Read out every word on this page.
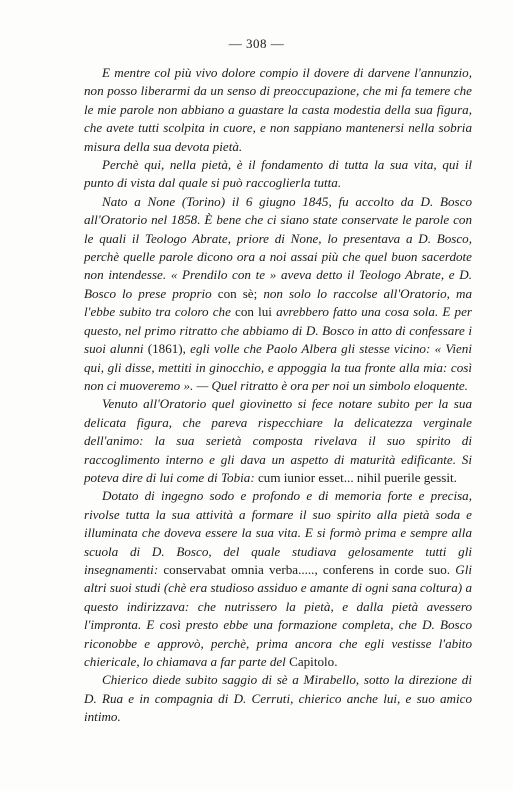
— 308 —

E mentre col più vivo dolore compio il dovere di darvene l'annunzio, non posso liberarmi da un senso di preoccupazione, che mi fa temere che le mie parole non abbiano a guastare la casta modestia della sua figura, che avete tutti scolpita in cuore, e non sappiano mantenersi nella sobria misura della sua devota pietà.

Perchè qui, nella pietà, è il fondamento di tutta la sua vita, qui il punto di vista dal quale si può raccoglierla tutta.

Nato a None (Torino) il 6 giugno 1845, fu accolto da D. Bosco all'Oratorio nel 1858. È bene che ci siano state conservate le parole con le quali il Teologo Abrate, priore di None, lo presentava a D. Bosco, perchè quelle parole dicono ora a noi assai più che quel buon sacerdote non intendesse. « Prendilo con te » aveva detto il Teologo Abrate, e D. Bosco lo prese proprio con sè; non solo lo raccolse all'Oratorio, ma l'ebbe subito tra coloro che con lui avrebbero fatto una cosa sola. E per questo, nel primo ritratto che abbiamo di D. Bosco in atto di confessare i suoi alunni (1861), egli volle che Paolo Albera gli stesse vicino: « Vieni qui, gli disse, mettiti in ginocchio, e appoggia la tua fronte alla mia: così non ci muoveremo ». — Quel ritratto è ora per noi un simbolo eloquente.

Venuto all'Oratorio quel giovinetto si fece notare subito per la sua delicata figura, che pareva rispecchiare la delicatezza verginale dell'animo: la sua serietà composta rivelava il suo spirito di raccoglimento interno e gli dava un aspetto di maturità edificante. Si poteva dire di lui come di Tobia: cum iunior esset... nihil puerile gessit.

Dotato di ingegno sodo e profondo e di memoria forte e precisa, rivolse tutta la sua attività a formare il suo spirito alla pietà soda e illuminata che doveva essere la sua vita. E si formò prima e sempre alla scuola di D. Bosco, del quale studiava gelosamente tutti gli insegnamenti: conservabat omnia verba....., conferens in corde suo. Gli altri suoi studi (chè era studioso assiduo e amante di ogni sana coltura) a questo indirizzava: che nutrissero la pietà, e dalla pietà avessero l'impronta. E così presto ebbe una formazione completa, che D. Bosco riconobbe e approvò, perchè, prima ancora che egli vestisse l'abito chiericale, lo chiamava a far parte del Capitolo.

Chierico diede subito saggio di sè a Mirabello, sotto la direzione di D. Rua e in compagnia di D. Cerruti, chierico anche lui, e suo amico intimo.
